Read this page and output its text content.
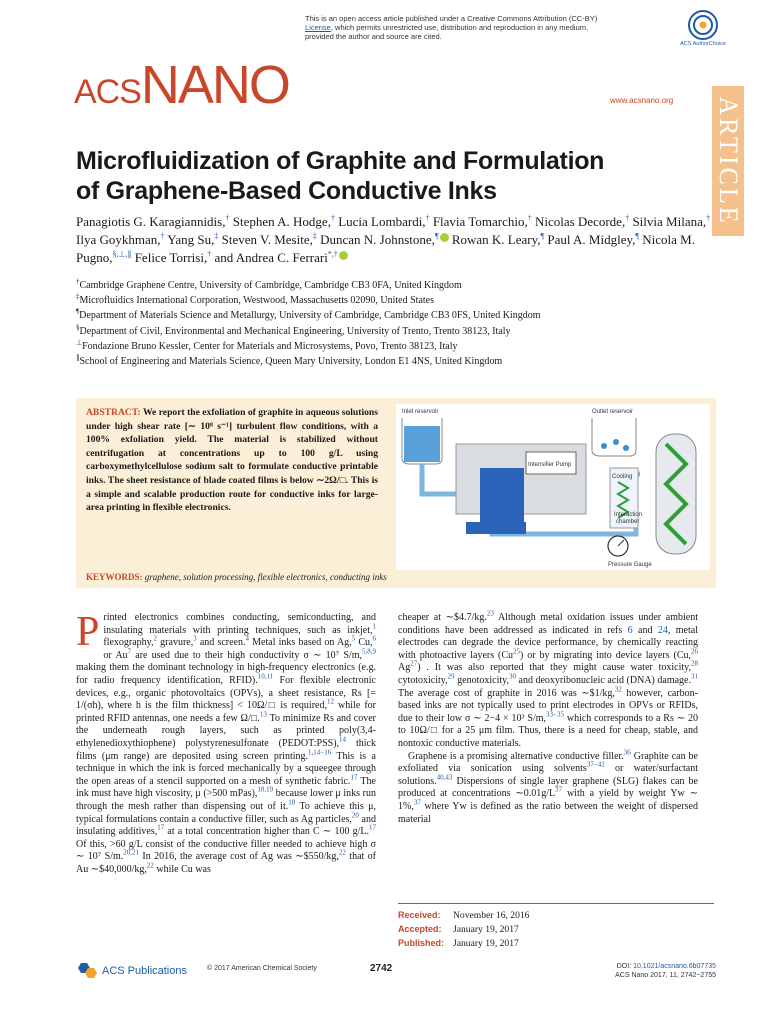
This is an open access article published under a Creative Commons Attribution (CC-BY)
License, which permits unrestricted use, distribution and reproduction in any medium,
provided the author and source are cited.
ACS AuthorChoice
ACSNANO	www.acsnano.org ARTICLE
Microfluidization of Graphite and Formulation
of Graphene-Based Conductive Inks
Panagiotis G. Karagiannidis,† Stephen A. Hodge,† Lucia Lombardi,† Flavia Tomarchio,† Nicolas Decorde,† Silvia Milana,† Ilya Goykhman,† Yang Su,‡ Steven V. Mesite,‡ Duncan N. Johnstone,¶ Rowan K. Leary,¶ Paul A. Midgley,¶ Nicola M. Pugno,§,⊥,∥ Felice Torrisi,† and Andrea C. Ferrari*,†
†Cambridge Graphene Centre, University of Cambridge, Cambridge CB3 0FA, United Kingdom
‡Microfluidics International Corporation, Westwood, Massachusetts 02090, United States
¶Department of Materials Science and Metallurgy, University of Cambridge, Cambridge CB3 0FS, United Kingdom
§Department of Civil, Environmental and Mechanical Engineering, University of Trento, Trento 38123, Italy
⊥Fondazione Bruno Kessler, Center for Materials and Microsystems, Povo, Trento 38123, Italy
∥School of Engineering and Materials Science, Queen Mary University, London E1 4NS, United Kingdom
ABSTRACT: We report the exfoliation of graphite in aqueous solutions under high shear rate [∼ 10⁸ s⁻¹] turbulent flow conditions, with a 100% exfoliation yield. The material is stabilized without centrifugation at concentrations up to 100 g/L using carboxymethylcellulose sodium salt to formulate conductive printable inks. The sheet resistance of blade coated films is below ∼2Ω/□. This is a simple and scalable production route for conductive inks for large-area printing in flexible electronics.
Inlet reservoir
Intensifier Pump
Cooling
Interaction
chamber
Pressure Gauge
Outlet reservoir
KEYWORDS: graphene, solution processing, flexible electronics, conducting inks

Printed electronics combines conducting, semiconducting, and insulating materials with printing techniques, such as inkjet,$^1$ flexography,$^2$ gravure,$^3$ and screen.$^4$ Metal inks based on Ag,$^5$ Cu,$^6$ or Au$^7$ are used due to their high conductivity σ ∼ 10⁷ S/m,$^{5,8,9}$ making them the dominant technology in high-frequency electronics (e.g. for radio frequency identification, RFID).$^{10,11}$ For flexible electronic devices, e.g., organic photovoltaics (OPVs), a sheet resistance, Rs [= 1/(σh), where h is the film thickness] < 10Ω/□ is required,$^{12}$ while for printed RFID antennas, one needs a few Ω/□.$^{13}$ To minimize Rs and cover the underneath rough layers, such as printed poly(3,4-ethylenedioxythiophene) polystyrenesulfonate (PEDOT:PSS),$^{14}$ thick films (μm range) are deposited using screen printing.$^{1,14-16}$ This is a technique in which the ink is forced mechanically by a squeegee through the open areas of a stencil supported on a mesh of synthetic fabric.$^{17}$ The ink must have high viscosity, μ (>500 mPas),$^{18,19}$ because lower μ inks run through the mesh rather than dispensing out of it.$^{18}$ To achieve this μ, typical formulations contain a conductive filler, such as Ag particles,$^{20}$ and insulating additives,$^{17}$ at a total concentration higher than C ∼ 100 g/L.$^{17}$ Of this, >60 g/L consist of the conductive filler needed to achieve high σ ∼ 10⁷ S/m.$^{20,21}$ In 2016, the average cost of Ag was ∼$550/kg,$^{22}$ that of Au ∼$40,000/kg,$^{22}$ while Cu was

cheaper at ∼$4.7/kg.$^{23}$ Although metal oxidation issues under ambient conditions have been addressed as indicated in refs 6 and 24, metal electrodes can degrade the device performance, by chemically reacting with photoactive layers (Cu$^{25}$) or by migrating into device layers (Cu,$^{26}$ Ag$^{27}$) . It was also reported that they might cause water toxicity,$^{28}$ cytotoxicity,$^{29}$ genotoxicity,$^{30}$ and deoxyribonucleic acid (DNA) damage.$^{31}$ The average cost of graphite in 2016 was ∼$1/kg,$^{32}$ however, carbon-based inks are not typically used to print electrodes in OPVs or RFIDs, due to their low σ ∼ 2−4 × 10³ S/m,$^{33-35}$ which corresponds to a Rs ∼ 20 to 10Ω/□ for a 25 μm film. Thus, there is a need for cheap, stable, and nontoxic conductive materials.

Graphene is a promising alternative conductive filler.$^{36}$ Graphite can be exfoliated via sonication using solvents$^{37-42}$ or water/surfactant solutions.$^{40,43}$ Dispersions of single layer graphene (SLG) flakes can be produced at concentrations ∼0.01g/L$^{37}$ with a yield by weight Yw ∼ 1%,$^{37}$ where Yw is defined as the ratio between the weight of dispersed material

Received:	November 16, 2016
Accepted:	January 19, 2017
Published: January 19, 2017
ACS Publications	© 2017 American Chemical Society	2742	DOI: 10.1021/acsnano.6b07735
ACS Nano 2017, 11, 2742−2755
